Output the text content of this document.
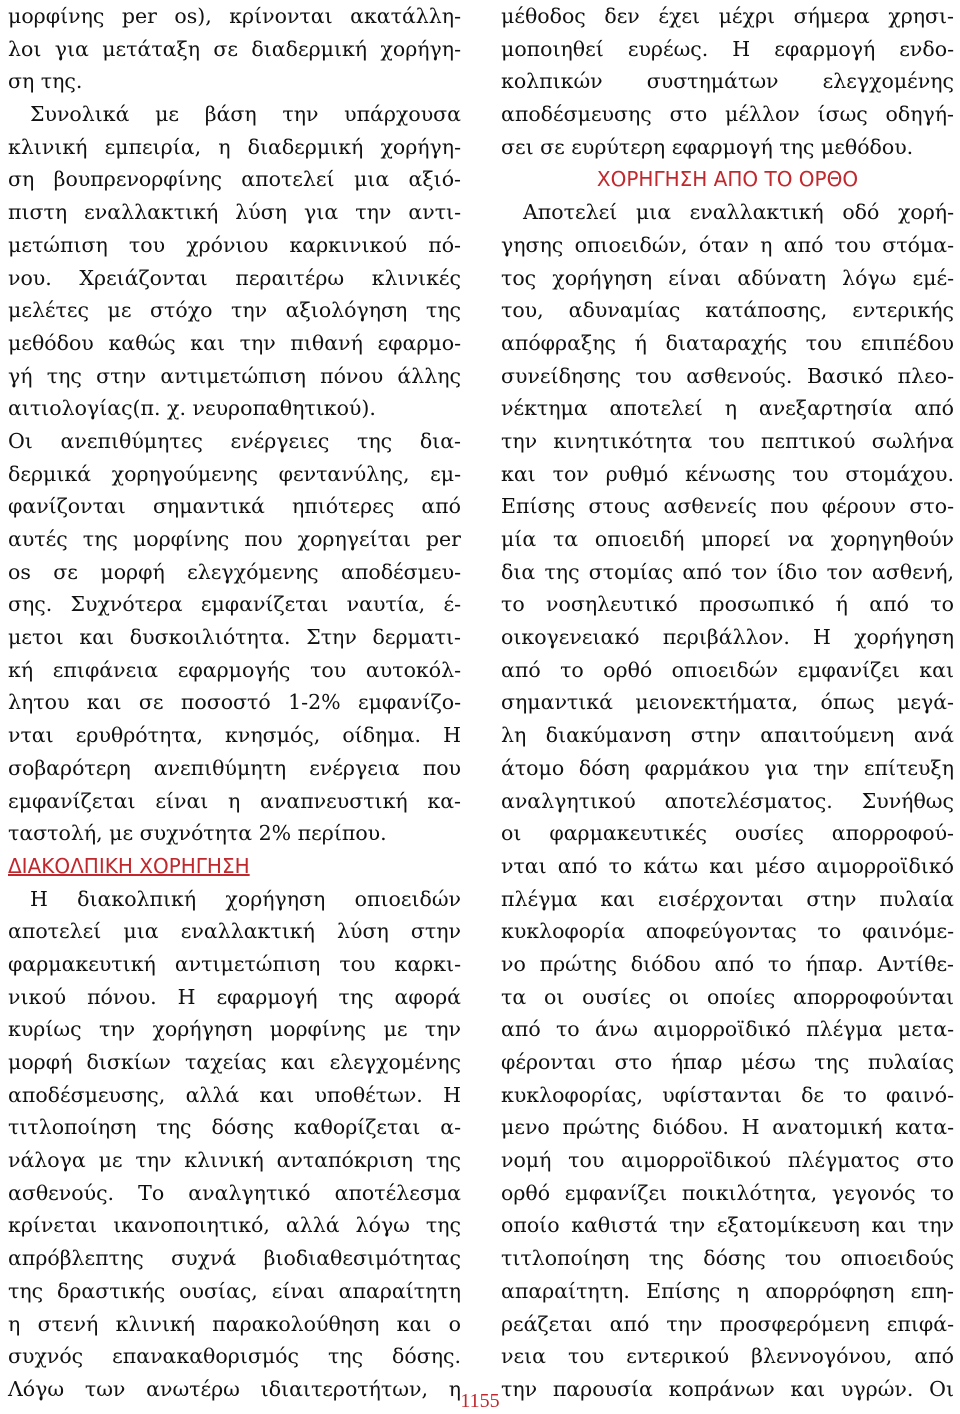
μορφίνης per os), κρίνονται ακατάλλη-
λοι για μετάταξη σε διαδερμική χορήγη-
ση της.
Συνολικά με βάση την υπάρχουσα
κλινική εμπειρία, η διαδερμική χορήγη-
ση βουπρενορφίνης αποτελεί μια αξιό-
πιστη εναλλακτική λύση για την αντι-
μετώπιση του χρόνιου καρκινικού πό-
νου. Χρειάζονται περαιτέρω κλινικές
μελέτες με στόχο την αξιολόγηση της
μεθόδου καθώς και την πιθανή εφαρμο-
γή της στην αντιμετώπιση πόνου άλλης
αιτιολογίας(π. χ. νευροπαθητικού).
Οι ανεπιθύμητες ενέργειες της δια-
δερμικά χορηγούμενης φεντανύλης, εμ-
φανίζονται σημαντικά ηπιότερες από
αυτές της μορφίνης που χορηγείται per
os σε μορφή ελεγχόμενης αποδέσμευ-
σης. Συχνότερα εμφανίζεται ναυτία, έ-
μετοι και δυσκοιλιότητα. Στην δερματι-
κή επιφάνεια εφαρμογής του αυτοκόλ-
λητου και σε ποσοστό 1-2% εμφανίζο-
νται ερυθρότητα, κνησμός, οίδημα. Η
σοβαρότερη ανεπιθύμητη ενέργεια που
εμφανίζεται είναι η αναπνευστική κα-
ταστολή, με συχνότητα 2% περίπου.
ΔΙΑΚΟΛΠΙΚΗ ΧΟΡΗΓΗΣΗ
Η διακολπική χορήγηση οπιοειδών
αποτελεί μια εναλλακτική λύση στην
φαρμακευτική αντιμετώπιση του καρκι-
νικού πόνου. Η εφαρμογή της αφορά
κυρίως την χορήγηση μορφίνης με την
μορφή δισκίων ταχείας και ελεγχομένης
αποδέσμευσης, αλλά και υποθέτων. Η
τιτλοποίηση της δόσης καθορίζεται α-
νάλογα με την κλινική ανταπόκριση της
ασθενούς. Το αναλγητικό αποτέλεσμα
κρίνεται ικανοποιητικό, αλλά λόγω της
απρόβλεπτης συχνά βιοδιαθεσιμότητας
της δραστικής ουσίας, είναι απαραίτητη
η στενή κλινική παρακολούθηση και ο
συχνός επανακαθορισμός της δόσης.
Λόγω των ανωτέρω ιδιαιτεροτήτων, η
μέθοδος δεν έχει μέχρι σήμερα χρησι-
μοποιηθεί ευρέως. Η εφαρμογή ενδο-
κολπικών συστημάτων ελεγχομένης
αποδέσμευσης στο μέλλον ίσως οδηγή-
σει σε ευρύτερη εφαρμογή της μεθόδου.
ΧΟΡΗΓΗΣΗ ΑΠΟ ΤΟ ΟΡΘΟ
Αποτελεί μια εναλλακτική οδό χορή-
γησης οπιοειδών, όταν η από του στόμα-
τος χορήγηση είναι αδύνατη λόγω εμέ-
του, αδυναμίας κατάποσης, εντερικής
απόφραξης ή διαταραχής του επιπέδου
συνείδησης του ασθενούς. Βασικό πλεο-
νέκτημα αποτελεί η ανεξαρτησία από
την κινητικότητα του πεπτικού σωλήνα
και τον ρυθμό κένωσης του στομάχου.
Επίσης στους ασθενείς που φέρουν στο-
μία τα οπιοειδή μπορεί να χορηγηθούν
δια της στομίας από τον ίδιο τον ασθενή,
το νοσηλευτικό προσωπικό ή από το
οικογενειακό περιβάλλον. Η χορήγηση
από το ορθό οπιοειδών εμφανίζει και
σημαντικά μειονεκτήματα, όπως μεγά-
λη διακύμανση στην απαιτούμενη ανά
άτομο δόση φαρμάκου για την επίτευξη
αναλγητικού αποτελέσματος. Συνήθως
οι φαρμακευτικές ουσίες απορροφού-
νται από το κάτω και μέσο αιμορροϊδικό
πλέγμα και εισέρχονται στην πυλαία
κυκλοφορία αποφεύγοντας το φαινόμε-
νο πρώτης διόδου από το ήπαρ. Αντίθε-
τα οι ουσίες οι οποίες απορροφούνται
από το άνω αιμορροϊδικό πλέγμα μετα-
φέρονται στο ήπαρ μέσω της πυλαίας
κυκλοφορίας, υφίστανται δε το φαινό-
μενο πρώτης διόδου. Η ανατομική κατα-
νομή του αιμορροϊδικού πλέγματος στο
ορθό εμφανίζει ποικιλότητα, γεγονός το
οποίο καθιστά την εξατομίκευση και την
τιτλοποίηση της δόσης του οπιοειδούς
απαραίτητη. Επίσης η απορρόφηση επη-
ρεάζεται από την προσφερόμενη επιφά-
νεια του εντερικού βλεννογόνου, από
την παρουσία κοπράνων και υγρών. Οι
1155
